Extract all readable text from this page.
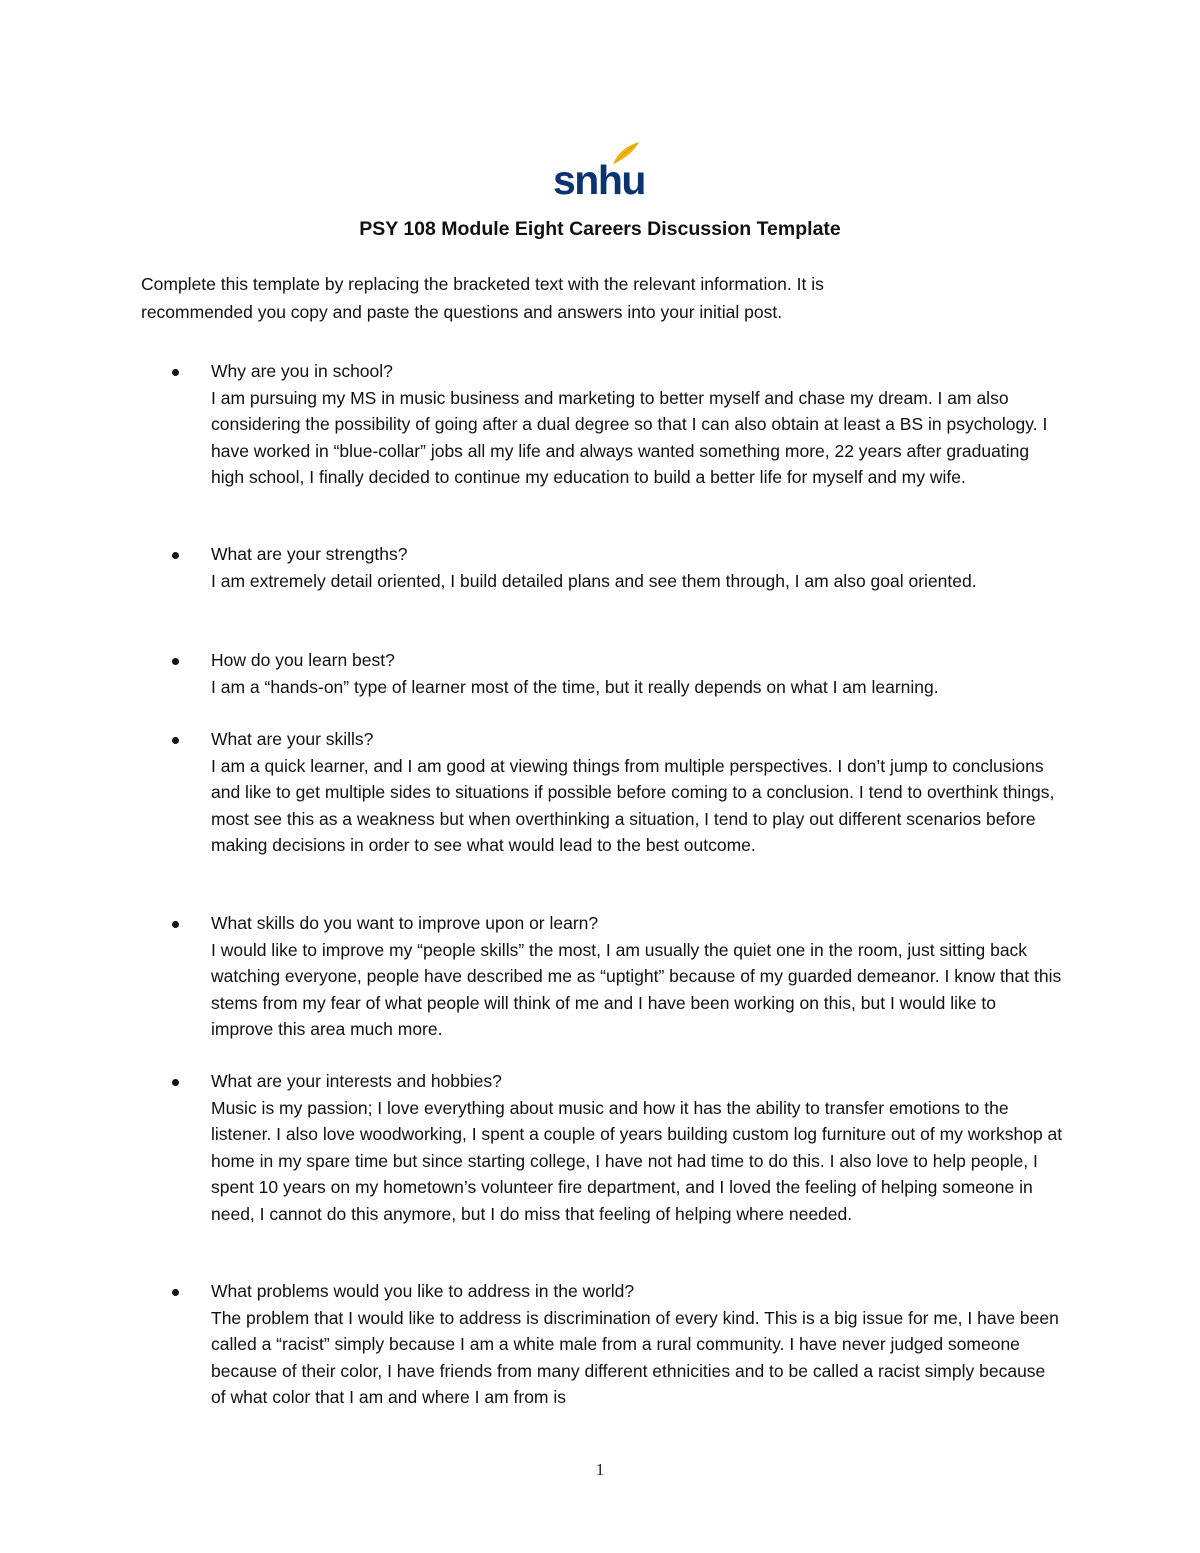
snhu
PSY 108 Module Eight Careers Discussion Template

Complete this template by replacing the bracketed text with the relevant information. It is

recommended you copy and paste the questions and answers into your initial post.

Why are you in school?
I am pursuing my MS in music business and marketing to better myself and chase my dream. I am also considering the possibility of going after a dual degree so that I can also obtain at least a BS in psychology. I have worked in “blue-collar” jobs all my life and always wanted something more, 22 years after graduating high school, I finally decided to continue my education to build a better life for myself and my wife.
What are your strengths?
I am extremely detail oriented, I build detailed plans and see them through, I am also goal oriented.
How do you learn best?
I am a “hands-on” type of learner most of the time, but it really depends on what I am learning.
What are your skills?
I am a quick learner, and I am good at viewing things from multiple perspectives. I don’t jump to conclusions and like to get multiple sides to situations if possible before coming to a conclusion. I tend to overthink things, most see this as a weakness but when overthinking a situation, I tend to play out different scenarios before making decisions in order to see what would lead to the best outcome.
What skills do you want to improve upon or learn?
I would like to improve my “people skills” the most, I am usually the quiet one in the room, just sitting back watching everyone, people have described me as “uptight” because of my guarded demeanor. I know that this stems from my fear of what people will think of me and I have been working on this, but I would like to improve this area much more.
What are your interests and hobbies?
Music is my passion; I love everything about music and how it has the ability to transfer emotions to the listener. I also love woodworking, I spent a couple of years building custom log furniture out of my workshop at home in my spare time but since starting college, I have not had time to do this. I also love to help people, I spent 10 years on my hometown’s volunteer fire department, and I loved the feeling of helping someone in need, I cannot do this anymore, but I do miss that feeling of helping where needed.
What problems would you like to address in the world?
The problem that I would like to address is discrimination of every kind. This is a big issue for me, I have been called a “racist” simply because I am a white male from a rural community. I have never judged someone because of their color, I have friends from many different ethnicities and to be called a racist simply because of what color that I am and where I am from is
1
